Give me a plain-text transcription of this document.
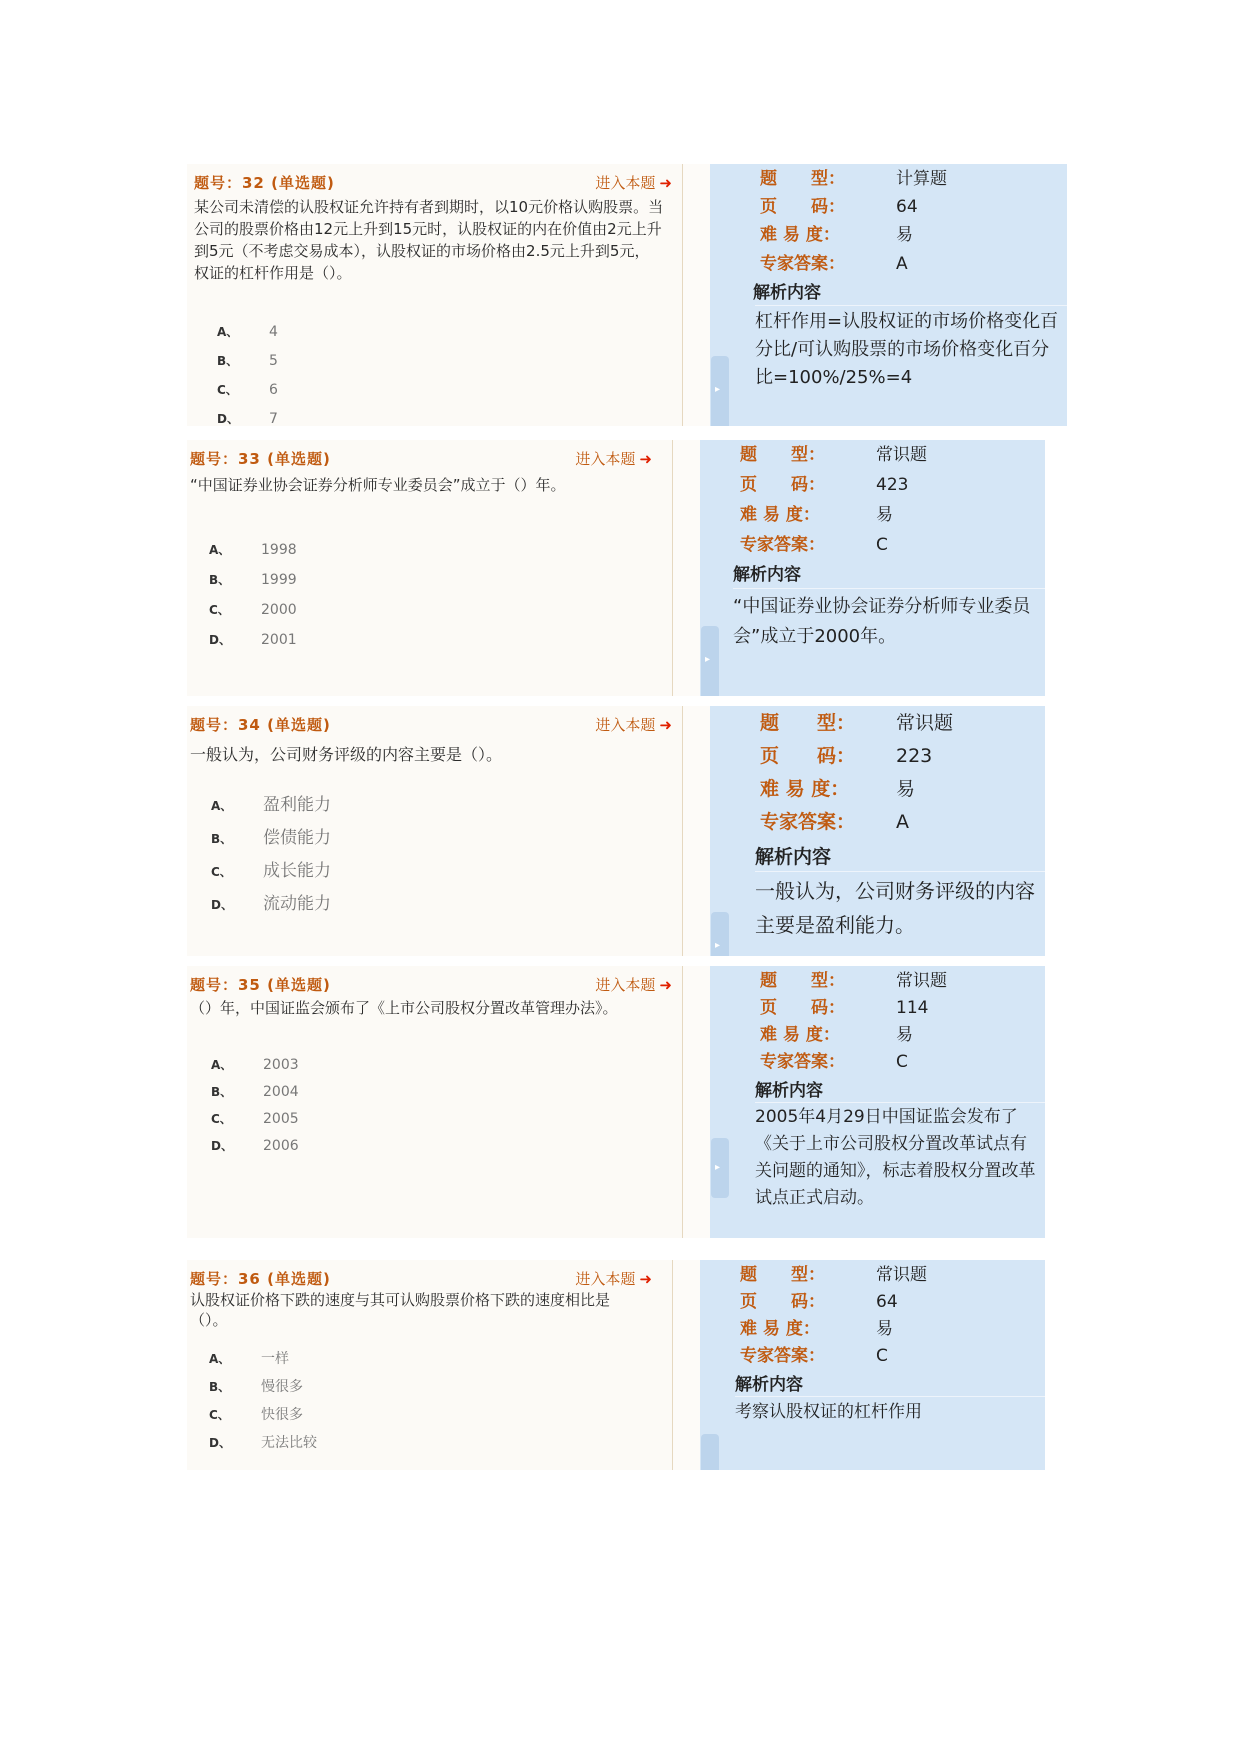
题号：32 (单选题)	进入本题 ➜
某公司未清偿的认股权证允许持有者到期时，以10元价格认购股票。当公司的股票价格由12元上升到15元时，认股权证的内在价值由2元上升到5元（不考虑交易成本），认股权证的市场价格由2.5元上升到5元，权证的杠杆作用是（）。
A、 4
B、 5
C、 6
D、 7
题　　型：	计算题
页　　码：	64
难 易 度：	易
专家答案：	A
解析内容
杠杆作用=认股权证的市场价格变化百分比/可认购股票的市场价格变化百分比=100%/25%=4
▸
题号：33 (单选题)	进入本题 ➜
“中国证券业协会证券分析师专业委员会”成立于（）年。
A、 1998
B、 1999
C、 2000
D、 2001
题　　型：	常识题
页　　码：	423
难 易 度：	易
专家答案：	C
解析内容
“中国证券业协会证券分析师专业委员会”成立于2000年。
▸
题号：34 (单选题)	进入本题 ➜
一般认为，公司财务评级的内容主要是（）。
A、 盈利能力
B、 偿债能力
C、 成长能力
D、 流动能力
题　　型： 常识题
页　　码： 223
难 易 度： 易
专家答案： A
解析内容
一般认为，公司财务评级的内容主要是盈利能力。
▸
题号：35 (单选题)	进入本题 ➜
（）年，中国证监会颁布了《上市公司股权分置改革管理办法》。
A、 2003
B、 2004
C、 2005
D、 2006
题　　型：	常识题
页　　码：	114
难 易 度：	易
专家答案：	C
解析内容
2005年4月29日中国证监会发布了《关于上市公司股权分置改革试点有关问题的通知》，标志着股权分置改革试点正式启动。
▸
题号：36 (单选题)	进入本题 ➜
认股权证价格下跌的速度与其可认购股票价格下跌的速度相比是（）。
A、 一样
B、 慢很多
C、 快很多
D、 无法比较
题　　型：	常识题
页　　码：	64
难 易 度：	易
专家答案：	C
解析内容
考察认股权证的杠杆作用
